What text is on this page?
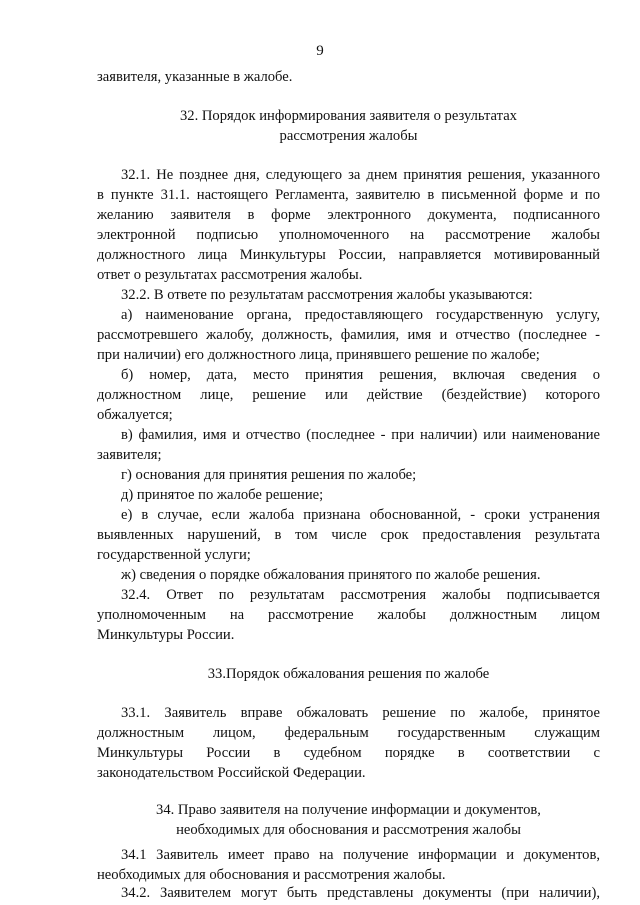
9
заявителя, указанные в жалобе.
32. Порядок информирования заявителя о результатах
рассмотрения жалобы
32.1. Не позднее дня, следующего за днем принятия решения, указанного
в пункте 31.1. настоящего Регламента, заявителю в письменной форме и по
желанию заявителя в форме электронного документа, подписанного
электронной подписью уполномоченного на рассмотрение жалобы
должностного лица Минкультуры России, направляется мотивированный
ответ о результатах рассмотрения жалобы.
32.2. В ответе по результатам рассмотрения жалобы указываются:
а) наименование органа, предоставляющего государственную услугу,
рассмотревшего жалобу, должность, фамилия, имя и отчество (последнее -
при наличии) его должностного лица, принявшего решение по жалобе;
б) номер, дата, место принятия решения, включая сведения о
должностном лице, решение или действие (бездействие) которого
обжалуется;
в) фамилия, имя и отчество (последнее - при наличии) или наименование
заявителя;
г) основания для принятия решения по жалобе;
д) принятое по жалобе решение;
е) в случае, если жалоба признана обоснованной, - сроки устранения
выявленных нарушений, в том числе срок предоставления результата
государственной услуги;
ж) сведения о порядке обжалования принятого по жалобе решения.
32.4. Ответ по результатам рассмотрения жалобы подписывается
уполномоченным на рассмотрение жалобы должностным лицом
Минкультуры России.
33.Порядок обжалования решения по жалобе
33.1. Заявитель вправе обжаловать решение по жалобе, принятое
должностным лицом, федеральным государственным служащим
Минкультуры России в судебном порядке в соответствии с
законодательством Российской Федерации.
34. Право заявителя на получение информации и документов,
необходимых для обоснования и рассмотрения жалобы
34.1 Заявитель имеет право на получение информации и документов,
необходимых для обоснования и рассмотрения жалобы.
34.2. Заявителем могут быть представлены документы (при наличии),
